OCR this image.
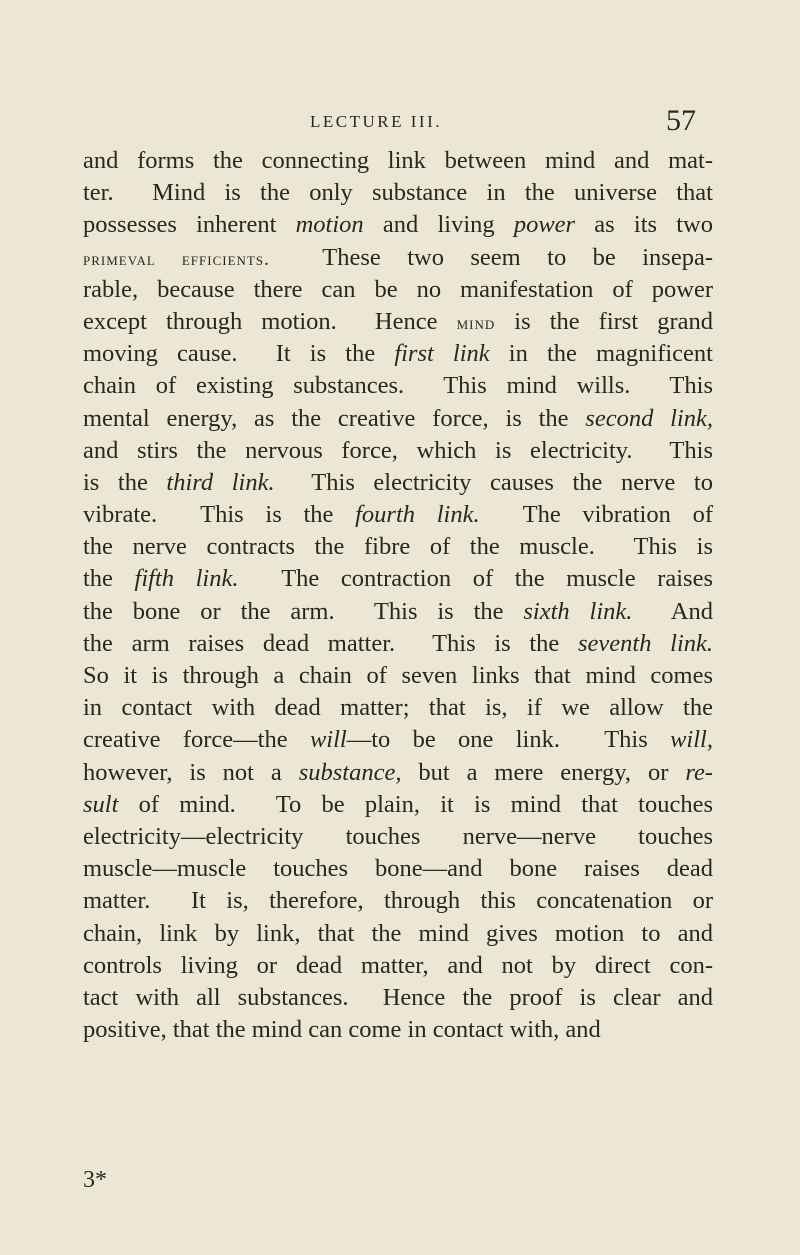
LECTURE III.	57
and forms the connecting link between mind and mat-
ter.  Mind is the only substance in the universe that
possesses inherent motion and living power as its two
primeval efficients.  These two seem to be insepa-
rable, because there can be no manifestation of power
except through motion.  Hence mind is the first grand
moving cause.  It is the first link in the magnificent
chain of existing substances.  This mind wills.  This
mental energy, as the creative force, is the second link,
and stirs the nervous force, which is electricity.  This
is the third link.  This electricity causes the nerve to
vibrate.  This is the fourth link.  The vibration of
the nerve contracts the fibre of the muscle.  This is
the fifth link.  The contraction of the muscle raises
the bone or the arm.  This is the sixth link.  And
the arm raises dead matter.  This is the seventh link.
So it is through a chain of seven links that mind comes
in contact with dead matter; that is, if we allow the
creative force—the will—to be one link.  This will,
however, is not a substance, but a mere energy, or re-
sult of mind.  To be plain, it is mind that touches
electricity—electricity touches nerve—nerve touches
muscle—muscle touches bone—and bone raises dead
matter.  It is, therefore, through this concatenation or
chain, link by link, that the mind gives motion to and
controls living or dead matter, and not by direct con-
tact with all substances.  Hence the proof is clear and
positive, that the mind can come in contact with, and
3*
